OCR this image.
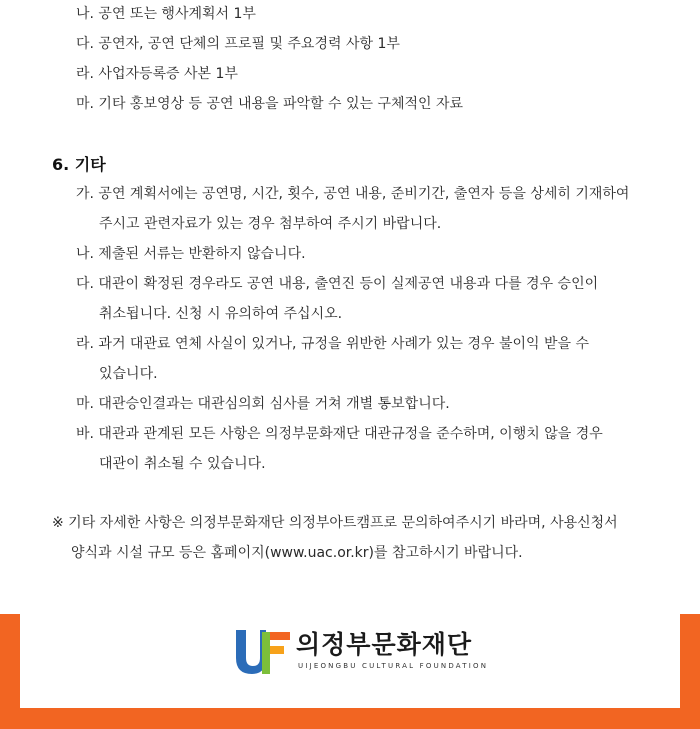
나. 공연 또는 행사계획서 1부
다. 공연자, 공연 단체의 프로필 및 주요경력 사항 1부
라. 사업자등록증 사본 1부
마. 기타 홍보영상 등 공연 내용을 파악할 수 있는 구체적인 자료
6. 기타
가. 공연 계획서에는 공연명, 시간, 횟수, 공연 내용, 준비기간, 출연자 등을 상세히 기재하여
주시고 관련자료가 있는 경우 첨부하여 주시기 바랍니다.
나. 제출된 서류는 반환하지 않습니다.
다. 대관이 확정된 경우라도 공연 내용, 출연진 등이 실제공연 내용과 다를 경우 승인이
취소됩니다. 신청 시 유의하여 주십시오.
라. 과거 대관료 연체 사실이 있거나, 규정을 위반한 사례가 있는 경우 불이익 받을 수
있습니다.
마. 대관승인결과는 대관심의회 심사를 거쳐 개별 통보합니다.
바. 대관과 관계된 모든 사항은 의정부문화재단 대관규정을 준수하며, 이행치 않을 경우
대관이 취소될 수 있습니다.
※ 기타 자세한 사항은 의정부문화재단 의정부아트캠프로 문의하여주시기 바라며, 사용신청서
양식과 시설 규모 등은 홈페이지(www.uac.or.kr)를 참고하시기 바랍니다.
의정부문화재단
UIJEONGBU CULTURAL FOUNDATION
